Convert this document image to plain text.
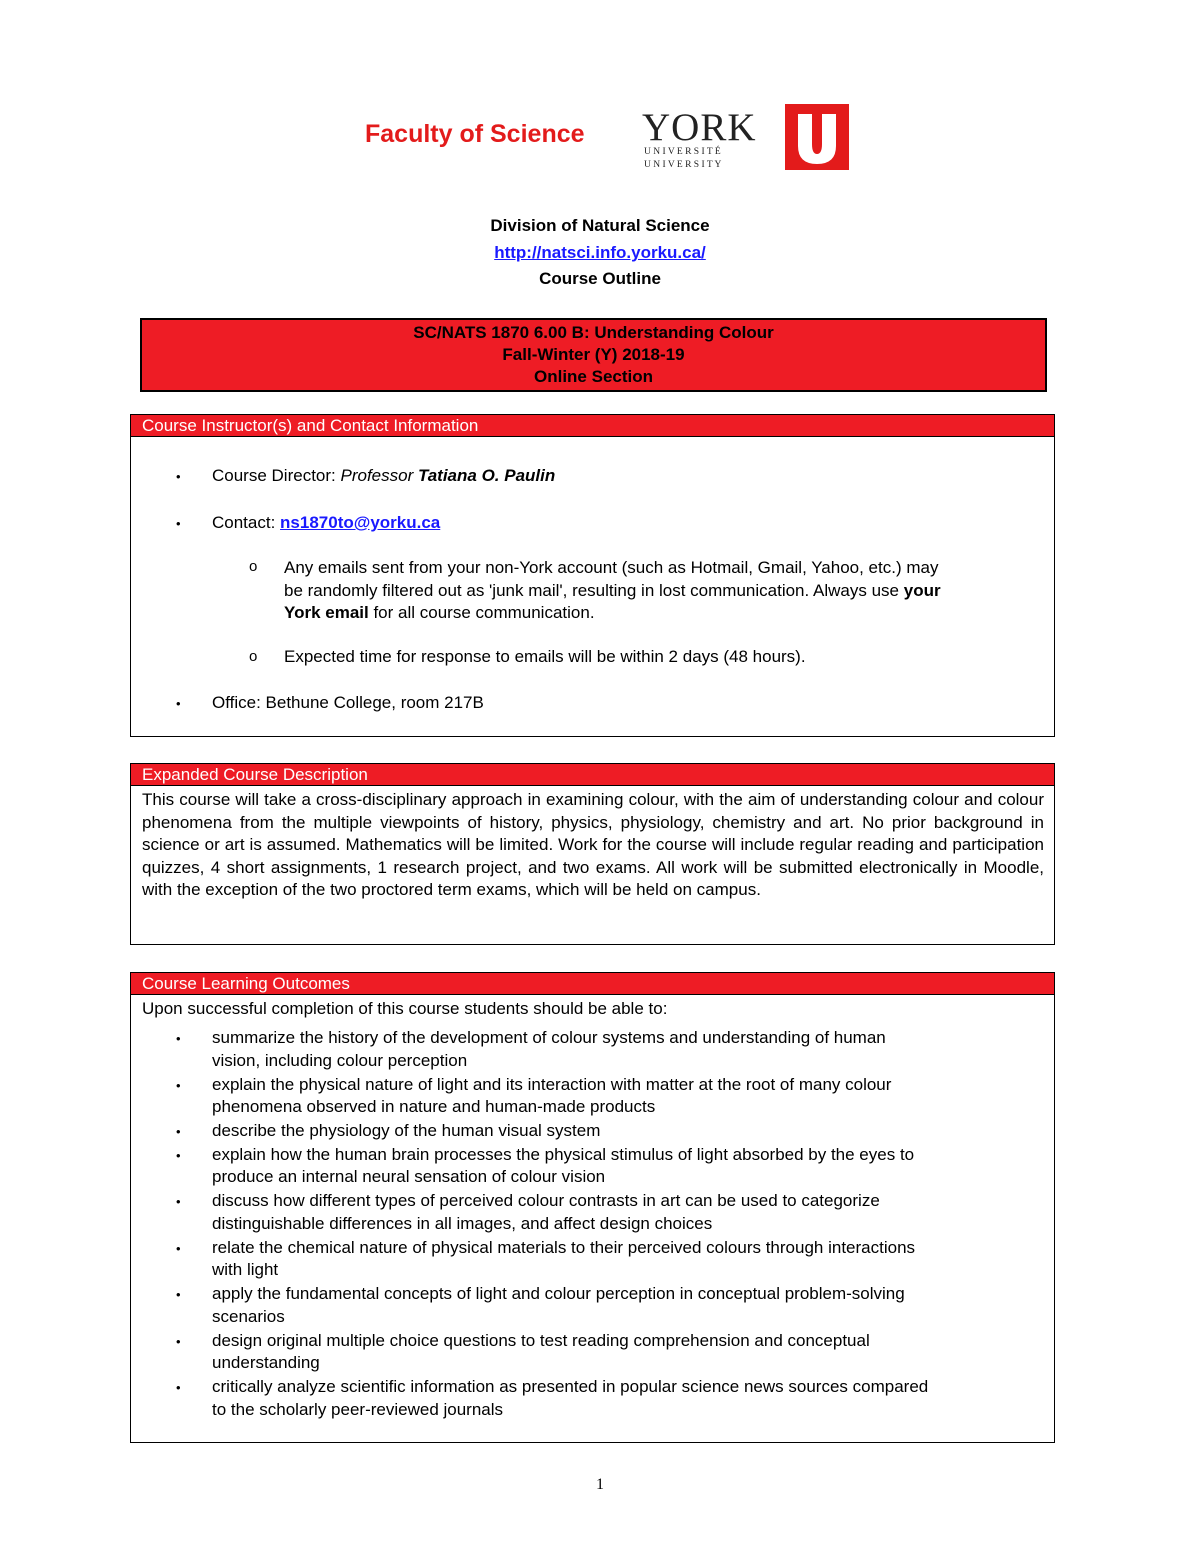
Faculty of Science YORK
U N I V E R S I T É
U N I V E R S I T Y
Division of Natural Science
http://natsci.info.yorku.ca/
Course Outline
SC/NATS 1870 6.00 B: Understanding Colour
Fall-Winter (Y) 2018-19
Online Section
Course Instructor(s) and Contact Information
• Course Director: Professor Tatiana O. Paulin
• Contact: ns1870to@yorku.ca
o Any emails sent from your non-York account (such as Hotmail, Gmail, Yahoo, etc.) may
be randomly filtered out as 'junk mail', resulting in lost communication. Always use your
York email for all course communication.
o Expected time for response to emails will be within 2 days (48 hours).
• Office: Bethune College, room 217B
Expanded Course Description
This course will take a cross-disciplinary approach in examining colour, with the aim of understanding colour and colour phenomena from the multiple viewpoints of history, physics, physiology, chemistry and art. No prior background in science or art is assumed. Mathematics will be limited. Work for the course will include regular reading and participation quizzes, 4 short assignments, 1 research project, and two exams. All work will be submitted electronically in Moodle, with the exception of the two proctored term exams, which will be held on campus.
Course Learning Outcomes
Upon successful completion of this course students should be able to:
• summarize the history of the development of colour systems and understanding of human
vision, including colour perception
• explain the physical nature of light and its interaction with matter at the root of many colour
phenomena observed in nature and human-made products
• describe the physiology of the human visual system
• explain how the human brain processes the physical stimulus of light absorbed by the eyes to
produce an internal neural sensation of colour vision
• discuss how different types of perceived colour contrasts in art can be used to categorize
distinguishable differences in all images, and affect design choices
• relate the chemical nature of physical materials to their perceived colours through interactions
with light
• apply the fundamental concepts of light and colour perception in conceptual problem-solving
scenarios
• design original multiple choice questions to test reading comprehension and conceptual
understanding
• critically analyze scientific information as presented in popular science news sources compared
to the scholarly peer-reviewed journals
1
